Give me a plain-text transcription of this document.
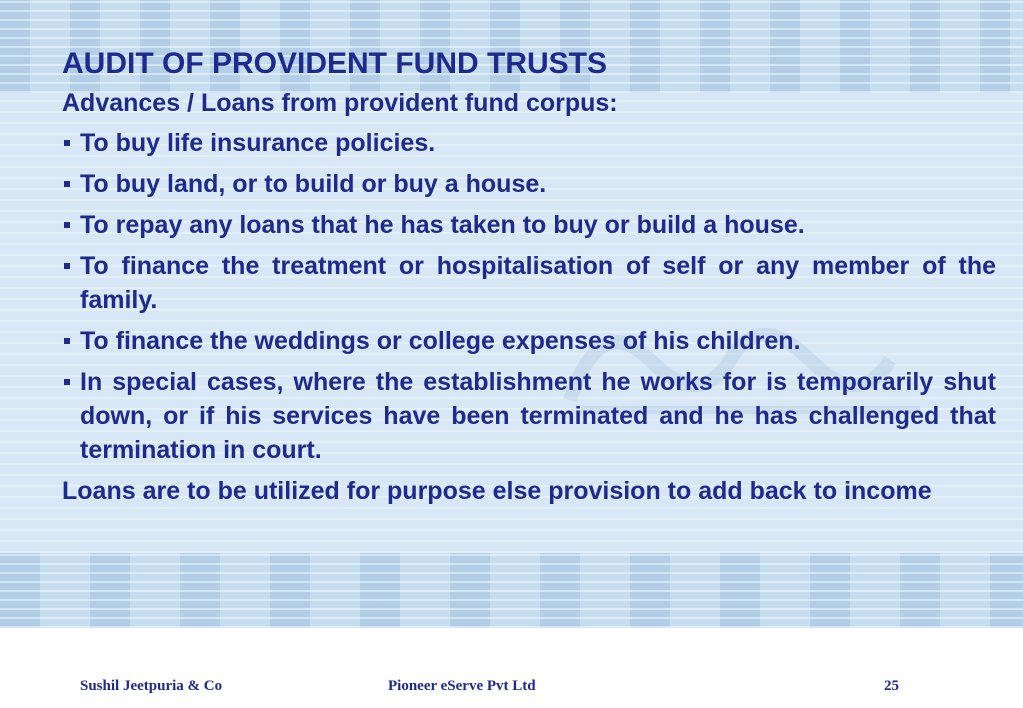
AUDIT OF PROVIDENT FUND TRUSTS
Advances / Loans from provident fund corpus:
To buy life insurance policies.
To buy land, or to build or buy a house.
To repay any loans that he has taken to buy or build a house.
To finance the treatment or hospitalisation of self or any member of the family.
To finance the weddings or college expenses of his children.
In special cases, where the establishment he works for is temporarily shut down, or if his services have been terminated and he has challenged that termination in court.

Loans are to be utilized for purpose else provision to add back to income

Sushil Jeetpuria & Co	Pioneer eServe Pvt Ltd	25
